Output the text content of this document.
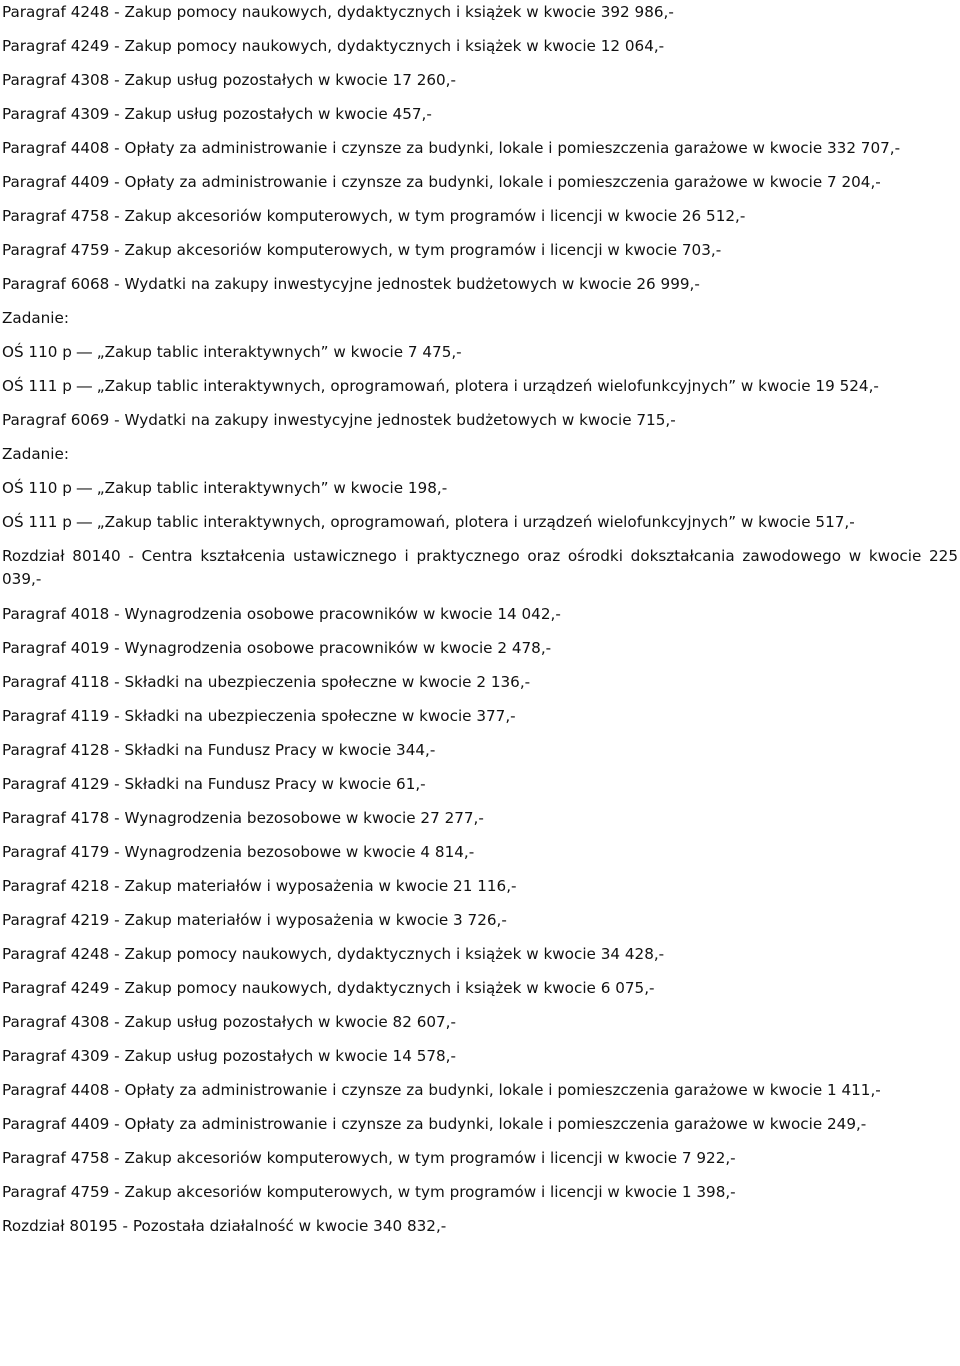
Paragraf 4248 - Zakup pomocy naukowych, dydaktycznych i książek w kwocie 392 986,-

Paragraf 4249 - Zakup pomocy naukowych, dydaktycznych i książek w kwocie 12 064,-

Paragraf 4308 - Zakup usług pozostałych w kwocie 17 260,-

Paragraf 4309 - Zakup usług pozostałych w kwocie 457,-

Paragraf 4408 - Opłaty za administrowanie i czynsze za budynki, lokale i pomieszczenia garażowe w kwocie 332 707,-

Paragraf 4409 - Opłaty za administrowanie i czynsze za budynki, lokale i pomieszczenia garażowe w kwocie 7 204,-

Paragraf 4758 - Zakup akcesoriów komputerowych, w tym programów i licencji w kwocie 26 512,-

Paragraf 4759 - Zakup akcesoriów komputerowych, w tym programów i licencji w kwocie 703,-

Paragraf 6068 - Wydatki na zakupy inwestycyjne jednostek budżetowych w kwocie 26 999,-

Zadanie:

OŚ 110 p ― „Zakup tablic interaktywnych” w kwocie 7 475,-

OŚ 111 p ― „Zakup tablic interaktywnych, oprogramowań, plotera i urządzeń wielofunkcyjnych” w kwocie 19 524,-

Paragraf 6069 - Wydatki na zakupy inwestycyjne jednostek budżetowych w kwocie 715,-

Zadanie:

OŚ 110 p ― „Zakup tablic interaktywnych” w kwocie 198,-

OŚ 111 p ― „Zakup tablic interaktywnych, oprogramowań, plotera i urządzeń wielofunkcyjnych” w kwocie 517,-

Rozdział 80140 - Centra kształcenia ustawicznego i praktycznego oraz ośrodki dokształcania zawodowego w kwocie 225 039,-

Paragraf 4018 - Wynagrodzenia osobowe pracowników w kwocie 14 042,-

Paragraf 4019 - Wynagrodzenia osobowe pracowników w kwocie 2 478,-

Paragraf 4118 - Składki na ubezpieczenia społeczne w kwocie 2 136,-

Paragraf 4119 - Składki na ubezpieczenia społeczne w kwocie 377,-

Paragraf 4128 - Składki na Fundusz Pracy w kwocie 344,-

Paragraf 4129 - Składki na Fundusz Pracy w kwocie 61,-

Paragraf 4178 - Wynagrodzenia bezosobowe w kwocie 27 277,-

Paragraf 4179 - Wynagrodzenia bezosobowe w kwocie 4 814,-

Paragraf 4218 - Zakup materiałów i wyposażenia w kwocie 21 116,-

Paragraf 4219 - Zakup materiałów i wyposażenia w kwocie 3 726,-

Paragraf 4248 - Zakup pomocy naukowych, dydaktycznych i książek w kwocie 34 428,-

Paragraf 4249 - Zakup pomocy naukowych, dydaktycznych i książek w kwocie 6 075,-

Paragraf 4308 - Zakup usług pozostałych w kwocie 82 607,-

Paragraf 4309 - Zakup usług pozostałych w kwocie 14 578,-

Paragraf 4408 - Opłaty za administrowanie i czynsze za budynki, lokale i pomieszczenia garażowe w kwocie 1 411,-

Paragraf 4409 - Opłaty za administrowanie i czynsze za budynki, lokale i pomieszczenia garażowe w kwocie 249,-

Paragraf 4758 - Zakup akcesoriów komputerowych, w tym programów i licencji w kwocie 7 922,-

Paragraf 4759 - Zakup akcesoriów komputerowych, w tym programów i licencji w kwocie 1 398,-

Rozdział 80195 - Pozostała działalność w kwocie 340 832,-
